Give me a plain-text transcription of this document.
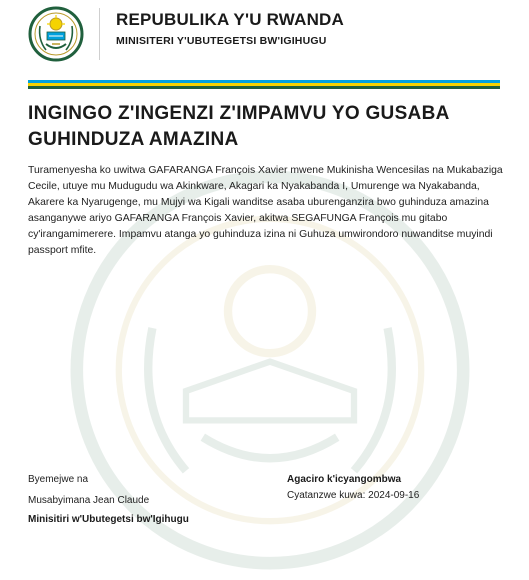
REPUBULIKA Y'U RWANDA
MINISITERI Y'UBUTEGETSI BW'IGIHUGU
INGINGO Z'INGENZI Z'IMPAMVU YO GUSABA GUHINDUZA AMAZINA
Turamenyesha ko uwitwa GAFARANGA François Xavier mwene Mukinisha Wencesilas na Mukabaziga Cecile, utuye mu Mudugudu wa Akinkware, Akagari ka Nyakabanda I, Umurenge wa Nyakabanda, Akarere ka Nyarugenge, mu Mujyi wa Kigali wanditse asaba uburenganzira bwo guhinduza amazina asanganywe ariyo GAFARANGA François Xavier, akitwa SEGAFUNGA François mu gitabo cy'irangamimerere. Impamvu atanga yo guhinduza izina ni Guhuza umwirondoro nuwanditse muyindi passport mfite.
Byemejwe na
Musabyimana Jean Claude
Minisitiri w'Ubutegetsi bw'Igihugu
Agaciro k'icyangombwa
Cyatanzwe kuwa: 2024-09-16
